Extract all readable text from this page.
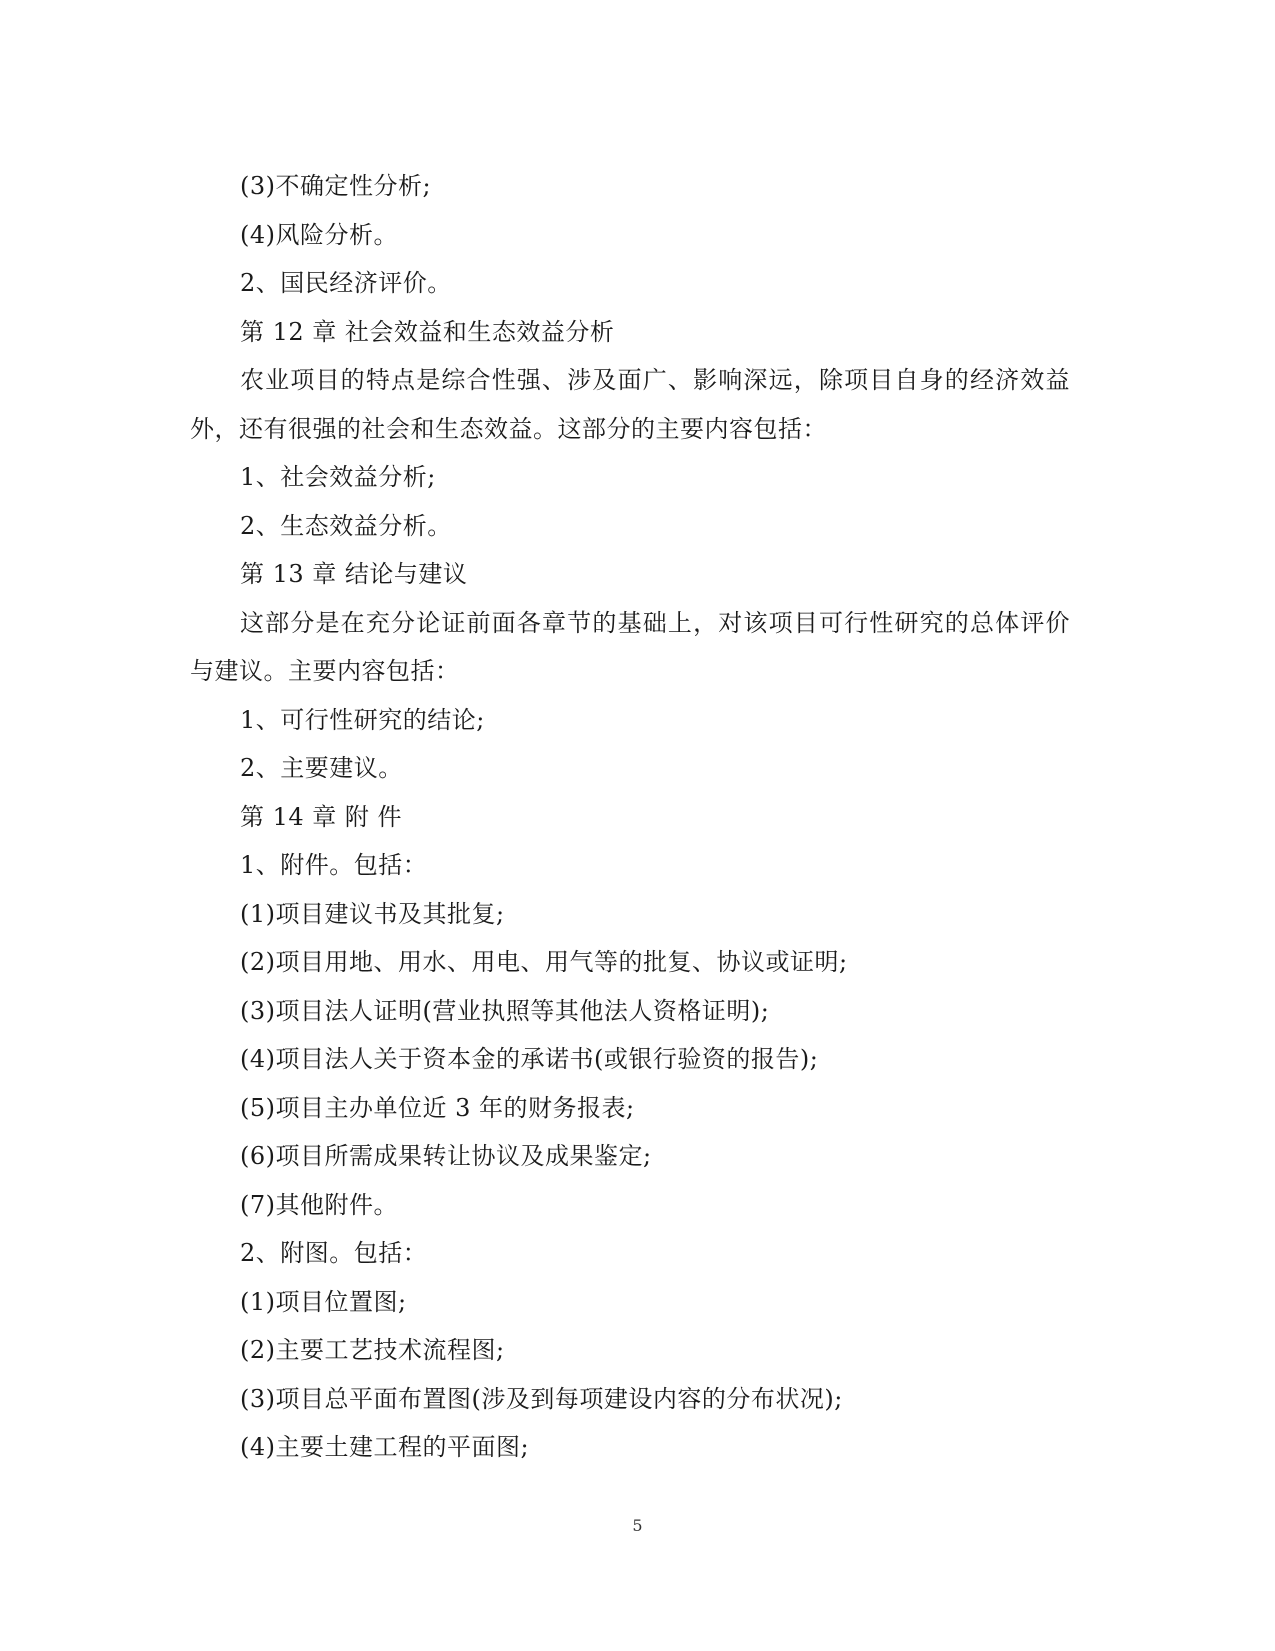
(3)不确定性分析;
(4)风险分析。
2、国民经济评价。
第 12 章 社会效益和生态效益分析
农业项目的特点是综合性强、涉及面广、影响深远，除项目自身的经济效益外，还有很强的社会和生态效益。这部分的主要内容包括：
1、社会效益分析;
2、生态效益分析。
第 13 章 结论与建议
这部分是在充分论证前面各章节的基础上，对该项目可行性研究的总体评价与建议。主要内容包括：
1、可行性研究的结论;
2、主要建议。
第 14 章 附 件
1、附件。包括：
(1)项目建议书及其批复;
(2)项目用地、用水、用电、用气等的批复、协议或证明;
(3)项目法人证明(营业执照等其他法人资格证明);
(4)项目法人关于资本金的承诺书(或银行验资的报告);
(5)项目主办单位近 3 年的财务报表;
(6)项目所需成果转让协议及成果鉴定;
(7)其他附件。
2、附图。包括：
(1)项目位置图;
(2)主要工艺技术流程图;
(3)项目总平面布置图(涉及到每项建设内容的分布状况);
(4)主要土建工程的平面图;
5
